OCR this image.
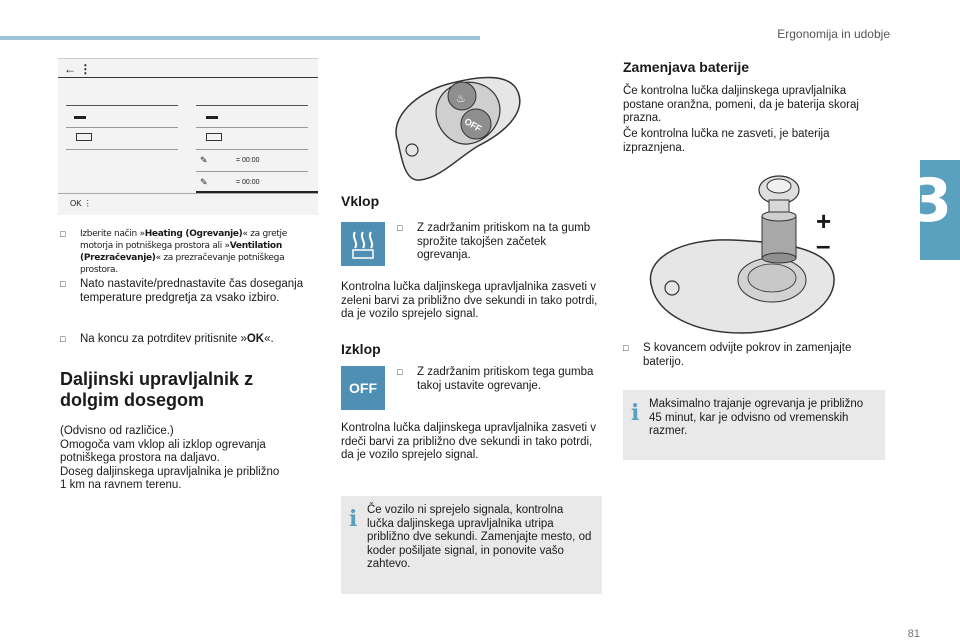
Ergonomija in udobje
3
81
← ⋮
✎	= 00:00
✎	= 00:00
OK ⋮
□ Izberite način »Heating (Ogrevanje)« za gretje motorja in potniškega prostora ali »Ventilation (Prezračevanje)« za prezračevanje potniškega prostora.
□ Nato nastavite/prednastavite čas doseganja temperature predgretja za vsako izbiro.
□ Na koncu za potrditev pritisnite »OK«.
Daljinski upravljalnik z
dolgim dosegom
(Odvisno od različice.)
Omogoča vam vklop ali izklop ogrevanja
potniškega prostora na daljavo.
Doseg daljinskega upravljalnika je približno
1 km na ravnem terenu.
♨
OFF
Vklop
□ Z zadržanim pritiskom na ta gumb sprožite takojšen začetek ogrevanja.
Kontrolna lučka daljinskega upravljalnika zasveti v zeleni barvi za približno dve sekundi in tako potrdi, da je vozilo sprejelo signal.
Izklop
OFF
□ Z zadržanim pritiskom tega gumba takoj ustavite ogrevanje.
Kontrolna lučka daljinskega upravljalnika zasveti v rdeči barvi za približno dve sekundi in tako potrdi, da je vozilo sprejelo signal.
i Če vozilo ni sprejelo signala, kontrolna lučka daljinskega upravljalnika utripa približno dve sekundi. Zamenjajte mesto, od koder pošiljate signal, in ponovite vašo zahtevo.
Zamenjava baterije
Če kontrolna lučka daljinskega upravljalnika postane oranžna, pomeni, da je baterija skoraj prazna.
Če kontrolna lučka ne zasveti, je baterija izpraznjena.
+
–
□ S kovancem odvijte pokrov in zamenjajte baterijo.
i Maksimalno trajanje ogrevanja je približno 45 minut, kar je odvisno od vremenskih razmer.
